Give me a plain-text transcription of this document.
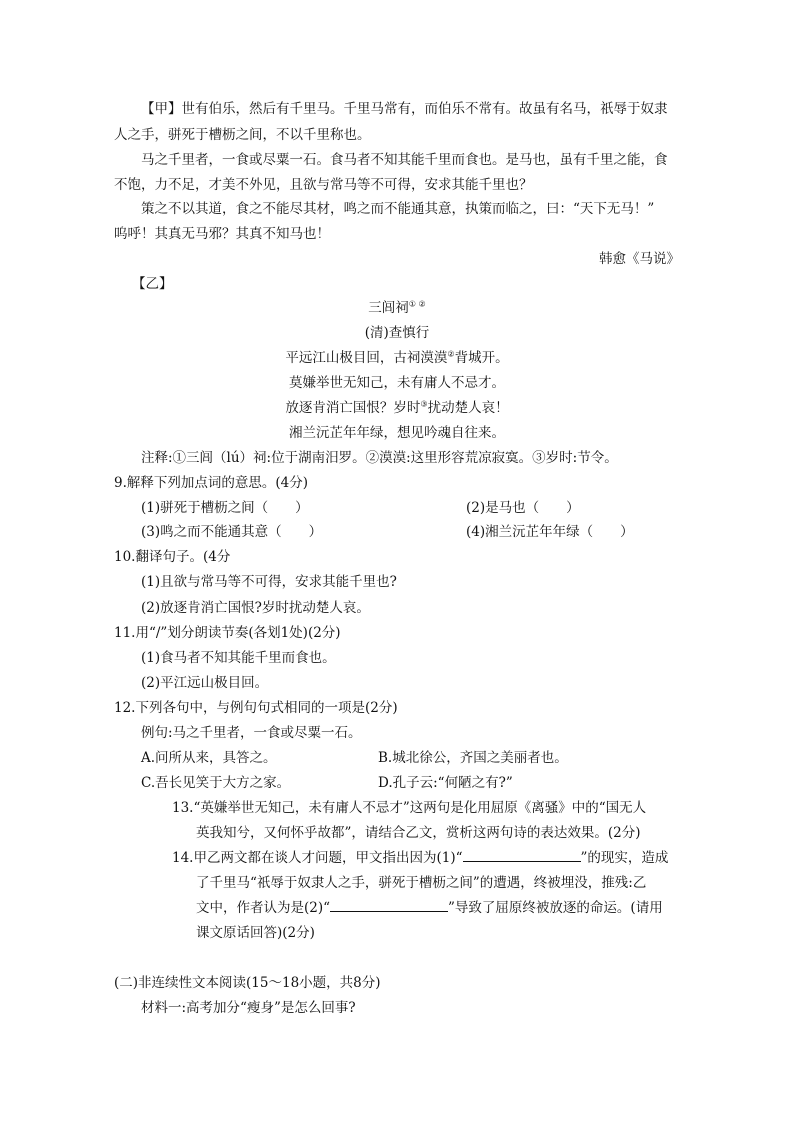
【甲】世有伯乐，然后有千里马。千里马常有，而伯乐不常有。故虽有名马，祇辱于奴隶
人之手，骈死于槽枥之间，不以千里称也。
马之千里者，一食或尽粟一石。食马者不知其能千里而食也。是马也，虽有千里之能，食
不饱，力不足，才美不外见，且欲与常马等不可得，安求其能千里也？
策之不以其道，食之不能尽其材，鸣之而不能通其意，执策而临之，曰：“天下无马！”
呜呼！其真无马邪？其真不知马也！
韩愈《马说》
【乙】
三闾祠① ②
(清)查慎行
平远江山极目回，古祠漠漠②背城开。
莫嫌举世无知己，未有庸人不忌才。
放逐肯消亡国恨？岁时③扰动楚人哀！
湘兰沅芷年年绿，想见吟魂自往来。
注释:①三闾（lú）祠:位于湖南汨罗。②漠漠:这里形容荒凉寂寞。③岁时:节令。
9.解释下列加点词的意思。(4分)
(1)骈死于槽枥之间（　　）	(2)是马也（　　）
(3)鸣之而不能通其意（　　）	(4)湘兰沅芷年年绿（　　）
10.翻译句子。(4分
(1)且欲与常马等不可得，安求其能千里也?
(2)放逐肯消亡国恨?岁时扰动楚人哀。
11.用“/”划分朗读节奏(各划1处)(2分)
(1)食马者不知其能千里而食也。
(2)平江远山极目回。
12.下列各句中，与例句句式相同的一项是(2分)
例句:马之千里者，一食或尽粟一石。
A.问所从来，具答之。	B.城北徐公，齐国之美丽者也。
C.吾长见笑于大方之家。	D.孔子云:“何陋之有?”
13.“英嫌举世无知己，未有庸人不忌才”这两句是化用屈原《离骚》中的“国无人
英我知兮，又何怀乎故都”，请结合乙文，赏析这两句诗的表达效果。(2分)
14.甲乙两文都在谈人才问题，甲文指出因为(1)“	”的现实，造成
了千里马“祇辱于奴隶人之手，骈死于槽枥之间”的遭遇，终被埋没，推残:乙
文中，作者认为是(2)“	”导致了屈原终被放逐的命运。(请用
课文原话回答)(2分)
(二)非连续性文本阅读(15～18小题，共8分)
材料一:高考加分“瘦身”是怎么回事?
